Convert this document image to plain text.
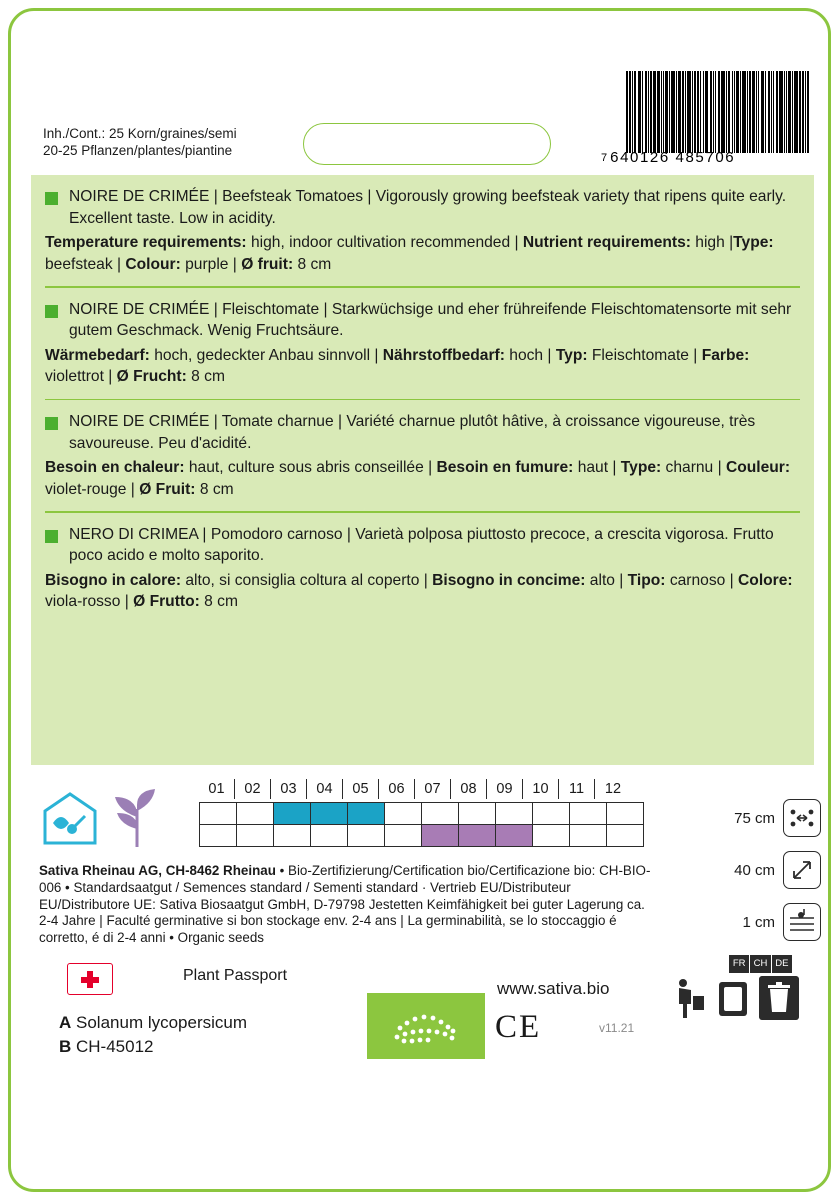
Inh./Cont.: 25 Korn/graines/semi
20-25 Pflanzen/plantes/piantine	7 640126 485706

NOIRE DE CRIMÉE | Beefsteak Tomatoes | Vigorously growing beefsteak variety that ripens quite early. Excellent taste. Low in acidity.

Temperature requirements: high, indoor cultivation recommended | Nutrient requirements: high |Type: beefsteak | Colour: purple | Ø fruit: 8 cm

NOIRE DE CRIMÉE | Fleischtomate | Starkwüchsige und eher frühreifende Fleischtomatensorte mit sehr gutem Geschmack. Wenig Fruchtsäure.

Wärmebedarf: hoch, gedeckter Anbau sinnvoll | Nährstoffbedarf: hoch | Typ: Fleischtomate | Farbe: violettrot | Ø Frucht: 8 cm

NOIRE DE CRIMÉE | Tomate charnue | Variété charnue plutôt hâtive, à croissance vigoureuse, très savoureuse. Peu d'acidité.

Besoin en chaleur: haut, culture sous abris conseillée | Besoin en fumure: haut | Type: charnu | Couleur: violet-rouge | Ø Fruit: 8 cm

NERO DI CRIMEA | Pomodoro carnoso | Varietà polposa piuttosto precoce, a crescita vigorosa. Frutto poco acido e molto saporito.

Bisogno in calore: alto, si consiglia coltura al coperto | Bisogno in concime: alto | Tipo: carnoso | Colore: viola-rosso | Ø Frutto: 8 cm

01	02	03	04	05	06	07	08	09	10	11	12

75 cm
40 cm
1 cm
Sativa Rheinau AG, CH-8462 Rheinau • Bio-Zertifizierung/Certification bio/Certificazione bio: CH-BIO-006 • Standardsaatgut / Semences standard / Sementi standard · Vertrieb EU/Distributeur EU/Distributore UE: Sativa Biosaatgut GmbH, D-79798 Jestetten Keimfähigkeit bei guter Lagerung ca. 2-4 Jahre | Faculté germinative si bon stockage env. 2-4 ans | La germinabilità, se lo stoccaggio é corretto, é di 2-4 anni • Organic seeds
Plant Passport
A Solanum lycopersicum
B CH-45012
www.sativa.bio
CE	v11.21
FR CH DE
